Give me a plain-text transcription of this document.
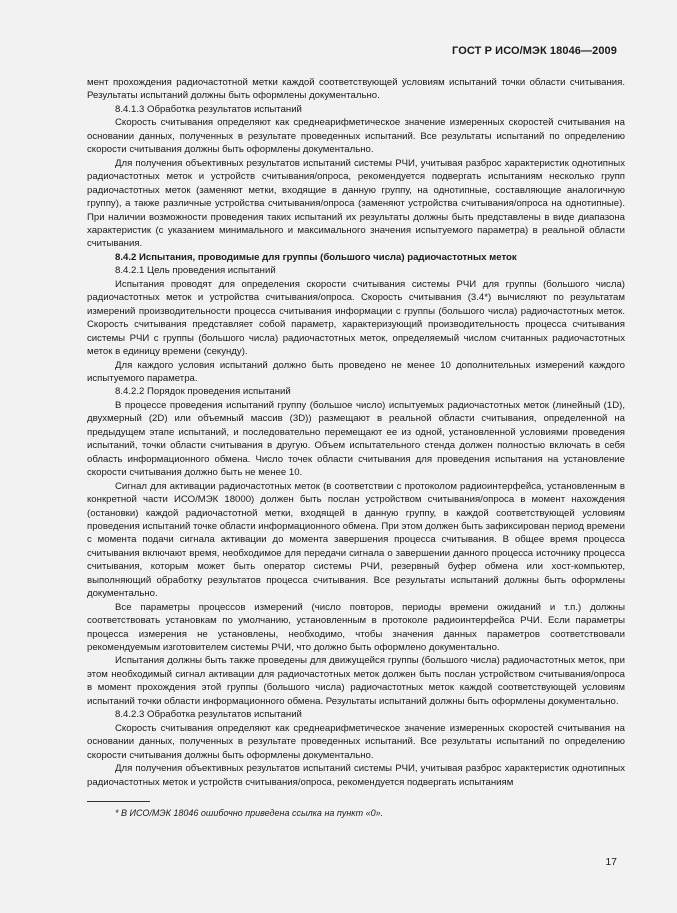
ГОСТ Р ИСО/МЭК 18046—2009

мент прохождения радиочастотной метки каждой соответствующей условиям испытаний точки области считывания. Результаты испытаний должны быть оформлены документально.

8.4.1.3 Обработка результатов испытаний

Скорость считывания определяют как среднеарифметическое значение измеренных скоростей считывания на основании данных, полученных в результате проведенных испытаний. Все результаты испытаний по определению скорости считывания должны быть оформлены документально.

Для получения объективных результатов испытаний системы РЧИ, учитывая разброс характеристик однотипных радиочастотных меток и устройств считывания/опроса, рекомендуется подвергать испытаниям несколько групп радиочастотных меток (заменяют метки, входящие в данную группу, на однотипные, составляющие аналогичную группу), а также различные устройства считывания/опроса (заменяют устройства считывания/опроса на однотипные). При наличии возможности проведения таких испытаний их результаты должны быть представлены в виде диапазона характеристик (с указанием минимального и максимального значения испытуемого параметра) в реальной области считывания.

8.4.2 Испытания, проводимые для группы (большого числа) радиочастотных меток

8.4.2.1 Цель проведения испытаний

Испытания проводят для определения скорости считывания системы РЧИ для группы (большого числа) радиочастотных меток и устройства считывания/опроса. Скорость считывания (3.4*) вычисляют по результатам измерений производительности процесса считывания информации с группы (большого числа) радиочастотных меток. Скорость считывания представляет собой параметр, характеризующий производительность процесса считывания системы РЧИ с группы (большого числа) радиочастотных меток, определяемый числом считанных радиочастотных меток в единицу времени (секунду).

Для каждого условия испытаний должно быть проведено не менее 10 дополнительных измерений каждого испытуемого параметра.

8.4.2.2 Порядок проведения испытаний

В процессе проведения испытаний группу (большое число) испытуемых радиочастотных меток (линейный (1D), двухмерный (2D) или объемный массив (3D)) размещают в реальной области считывания, определенной на предыдущем этапе испытаний, и последовательно перемещают ее из одной, установленной условиями проведения испытаний, точки области считывания в другую. Объем испытательного стенда должен полностью включать в себя область информационного обмена. Число точек области считывания для проведения испытания на установление скорости считывания должно быть не менее 10.

Сигнал для активации радиочастотных меток (в соответствии с протоколом радиоинтерфейса, установленным в конкретной части ИСО/МЭК 18000) должен быть послан устройством считывания/опроса в момент нахождения (остановки) каждой радиочастотной метки, входящей в данную группу, в каждой соответствующей условиям проведения испытаний точке области информационного обмена. При этом должен быть зафиксирован период времени с момента подачи сигнала активации до момента завершения процесса считывания. В общее время процесса считывания включают время, необходимое для передачи сигнала о завершении данного процесса источнику процесса считывания, которым может быть оператор системы РЧИ, резервный буфер обмена или хост-компьютер, выполняющий обработку результатов процесса считывания. Все результаты испытаний должны быть оформлены документально.

Все параметры процессов измерений (число повторов, периоды времени ожиданий и т.п.) должны соответствовать установкам по умолчанию, установленным в протоколе радиоинтерфейса РЧИ. Если параметры процесса измерения не установлены, необходимо, чтобы значения данных параметров соответствовали рекомендуемым изготовителем системы РЧИ, что должно быть оформлено документально.

Испытания должны быть также проведены для движущейся группы (большого числа) радиочастотных меток, при этом необходимый сигнал активации для радиочастотных меток должен быть послан устройством считывания/опроса в момент прохождения этой группы (большого числа) радиочастотных меток каждой соответствующей условиям испытаний точки области информационного обмена. Результаты испытаний должны быть оформлены документально.

8.4.2.3 Обработка результатов испытаний

Скорость считывания определяют как среднеарифметическое значение измеренных скоростей считывания на основании данных, полученных в результате проведенных испытаний. Все результаты испытаний по определению скорости считывания должны быть оформлены документально.

Для получения объективных результатов испытаний системы РЧИ, учитывая разброс характеристик однотипных радиочастотных меток и устройств считывания/опроса, рекомендуется подвергать испытаниям

* В ИСО/МЭК 18046 ошибочно приведена ссылка на пункт «0».
17
